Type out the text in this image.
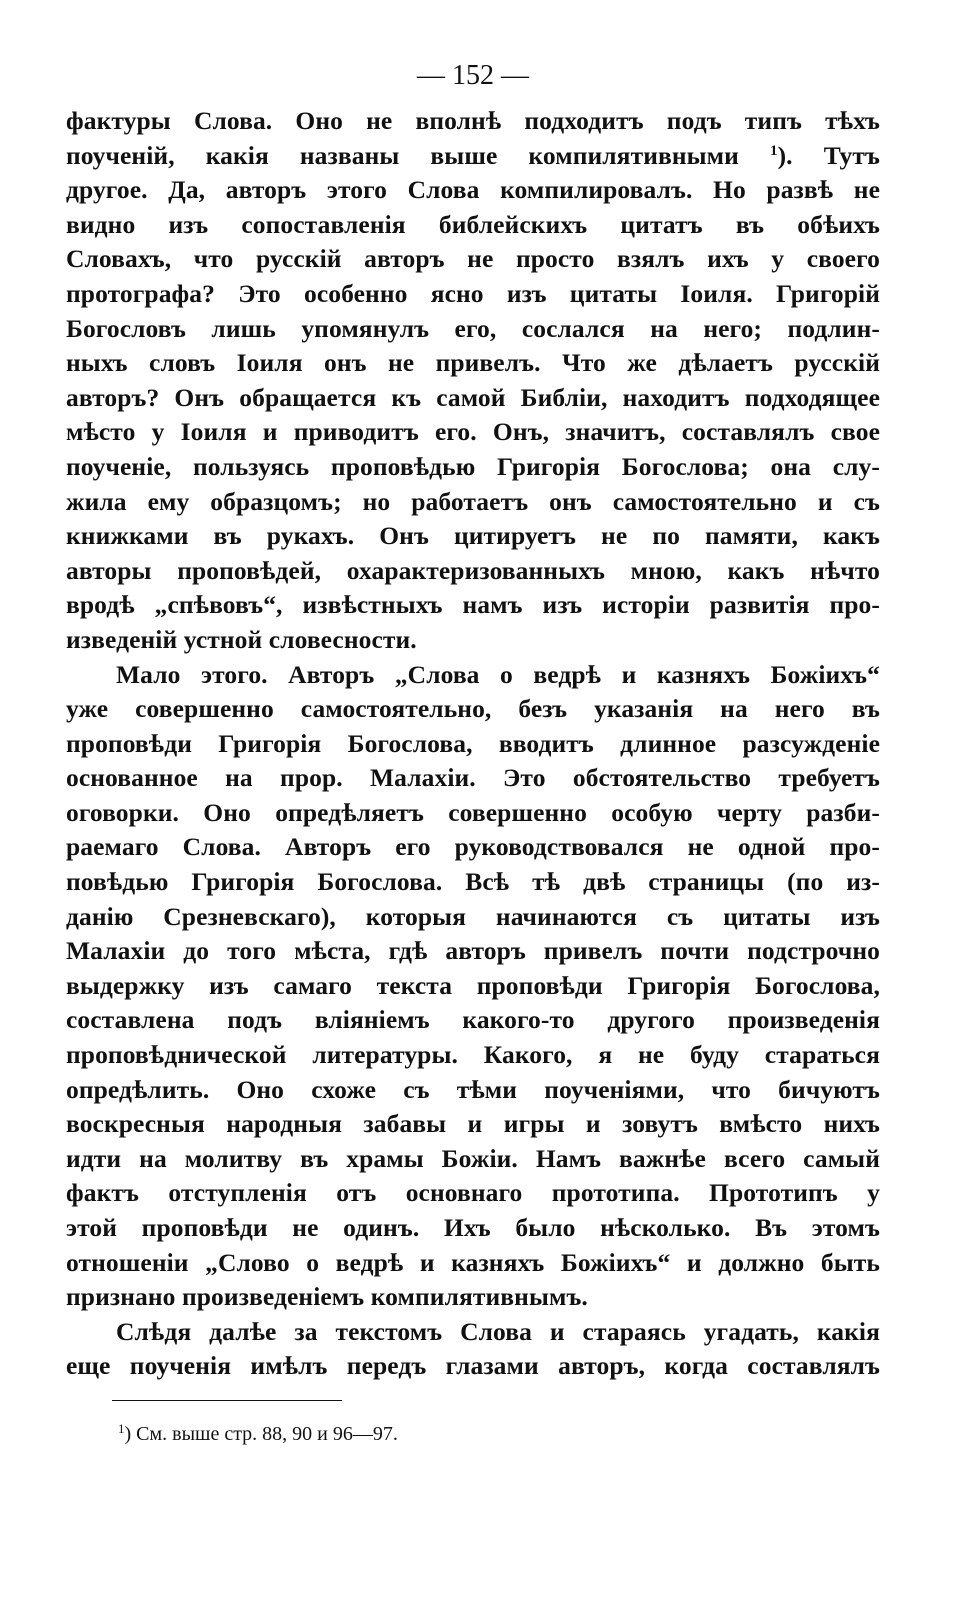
— 152 —
фактуры Слова. Оно не вполнѣ подходитъ подъ типъ тѣхъ
поученій, какія названы выше компилятивными $^1$). Тутъ
другое. Да, авторъ этого Слова компилировалъ. Но развѣ не
видно изъ сопоставленія библейскихъ цитатъ въ обѣихъ
Словахъ, что русскій авторъ не просто взялъ ихъ у своего
протографа? Это особенно ясно изъ цитаты Іоиля. Григорій
Богословъ лишь упомянулъ его, сослался на него; подлин-
ныхъ словъ Іоиля онъ не привелъ. Что же дѣлаетъ русскій
авторъ? Онъ обращается къ самой Библіи, находитъ подходящее
мѣсто у Іоиля и приводитъ его. Онъ, значитъ, составлялъ свое
поученіе, пользуясь проповѣдью Григорія Богослова; она слу-
жила ему образцомъ; но работаетъ онъ самостоятельно и съ
книжками въ рукахъ. Онъ цитируетъ не по памяти, какъ
авторы проповѣдей, охарактеризованныхъ мною, какъ нѣчто
вродѣ „спѣвовъ“, извѣстныхъ намъ изъ исторіи развитія про-
изведеній устной словесности.
Мало этого. Авторъ „Слова о ведрѣ и казняхъ Божіихъ“
уже совершенно самостоятельно, безъ указанія на него въ
проповѣди Григорія Богослова, вводитъ длинное разсужденіе
основанное на прор. Малахіи. Это обстоятельство требуетъ
оговорки. Оно опредѣляетъ совершенно особую черту разби-
раемаго Слова. Авторъ его руководствовался не одной про-
повѣдью Григорія Богослова. Всѣ тѣ двѣ страницы (по из-
данію Срезневскаго), которыя начинаются съ цитаты изъ
Малахіи до того мѣста, гдѣ авторъ привелъ почти подстрочно
выдержку изъ самаго текста проповѣди Григорія Богослова,
составлена подъ вліяніемъ какого-то другого произведенія
проповѣднической литературы. Какого, я не буду стараться
опредѣлить. Оно схоже съ тѣми поученіями, что бичуютъ
воскресныя народныя забавы и игры и зовутъ вмѣсто нихъ
идти на молитву въ храмы Божіи. Намъ важнѣе всего самый
фактъ отступленія отъ основнаго прототипа. Прототипъ у
этой проповѣди не одинъ. Ихъ было нѣсколько. Въ этомъ
отношеніи „Слово о ведрѣ и казняхъ Божіихъ“ и должно быть
признано произведеніемъ компилятивнымъ.
Слѣдя далѣе за текстомъ Слова и стараясь угадать, какія
еще поученія имѣлъ передъ глазами авторъ, когда составлялъ
$^1$) См. выше стр. 88, 90 и 96—97.
